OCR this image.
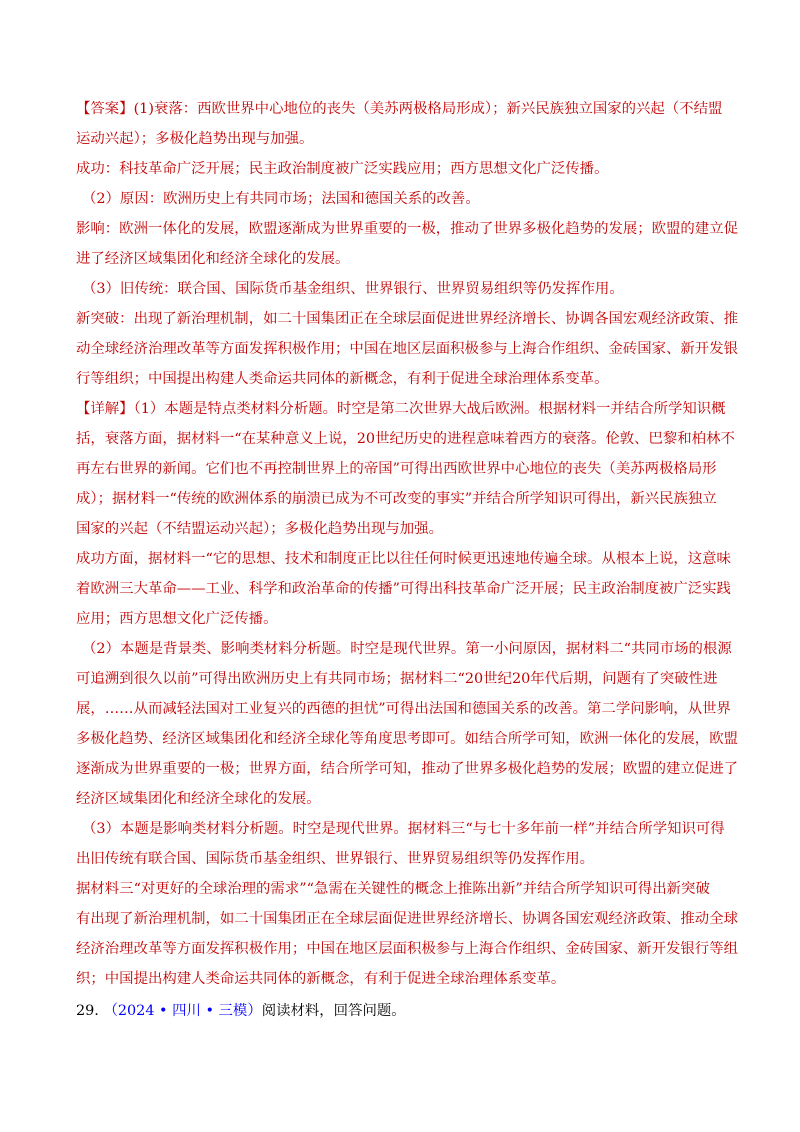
【答案】(1)衰落：西欧世界中心地位的丧失（美苏两极格局形成）；新兴民族独立国家的兴起（不结盟
运动兴起）；多极化趋势出现与加强。
成功：科技革命广泛开展；民主政治制度被广泛实践应用；西方思想文化广泛传播。
（2）原因：欧洲历史上有共同市场；法国和德国关系的改善。
影响：欧洲一体化的发展，欧盟逐渐成为世界重要的一极，推动了世界多极化趋势的发展；欧盟的建立促
进了经济区域集团化和经济全球化的发展。
（3）旧传统：联合国、国际货币基金组织、世界银行、世界贸易组织等仍发挥作用。
新突破：出现了新治理机制，如二十国集团正在全球层面促进世界经济增长、协调各国宏观经济政策、推
动全球经济治理改革等方面发挥积极作用；中国在地区层面积极参与上海合作组织、金砖国家、新开发银
行等组织；中国提出构建人类命运共同体的新概念，有利于促进全球治理体系变革。
【详解】（1）本题是特点类材料分析题。时空是第二次世界大战后欧洲。根据材料一并结合所学知识概
括，衰落方面，据材料一“在某种意义上说，20世纪历史的进程意味着西方的衰落。伦敦、巴黎和柏林不
再左右世界的新闻。它们也不再控制世界上的帝国”可得出西欧世界中心地位的丧失（美苏两极格局形
成）；据材料一“传统的欧洲体系的崩溃已成为不可改变的事实”并结合所学知识可得出，新兴民族独立
国家的兴起（不结盟运动兴起）；多极化趋势出现与加强。
成功方面，据材料一“它的思想、技术和制度正比以往任何时候更迅速地传遍全球。从根本上说，这意味
着欧洲三大革命——工业、科学和政治革命的传播”可得出科技革命广泛开展；民主政治制度被广泛实践
应用；西方思想文化广泛传播。
（2）本题是背景类、影响类材料分析题。时空是现代世界。第一小问原因，据材料二“共同市场的根源
可追溯到很久以前”可得出欧洲历史上有共同市场；据材料二“20世纪20年代后期，问题有了突破性进
展，……从而减轻法国对工业复兴的西德的担忧”可得出法国和德国关系的改善。第二学问影响，从世界
多极化趋势、经济区域集团化和经济全球化等角度思考即可。如结合所学可知，欧洲一体化的发展，欧盟
逐渐成为世界重要的一极；世界方面，结合所学可知，推动了世界多极化趋势的发展；欧盟的建立促进了
经济区域集团化和经济全球化的发展。
（3）本题是影响类材料分析题。时空是现代世界。据材料三“与七十多年前一样”并结合所学知识可得
出旧传统有联合国、国际货币基金组织、世界银行、世界贸易组织等仍发挥作用。
据材料三“对更好的全球治理的需求”“急需在关键性的概念上推陈出新”并结合所学知识可得出新突破
有出现了新治理机制，如二十国集团正在全球层面促进世界经济增长、协调各国宏观经济政策、推动全球
经济治理改革等方面发挥积极作用；中国在地区层面积极参与上海合作组织、金砖国家、新开发银行等组
织；中国提出构建人类命运共同体的新概念，有利于促进全球治理体系变革。
29. （2024 • 四川 • 三模）阅读材料，回答问题。
